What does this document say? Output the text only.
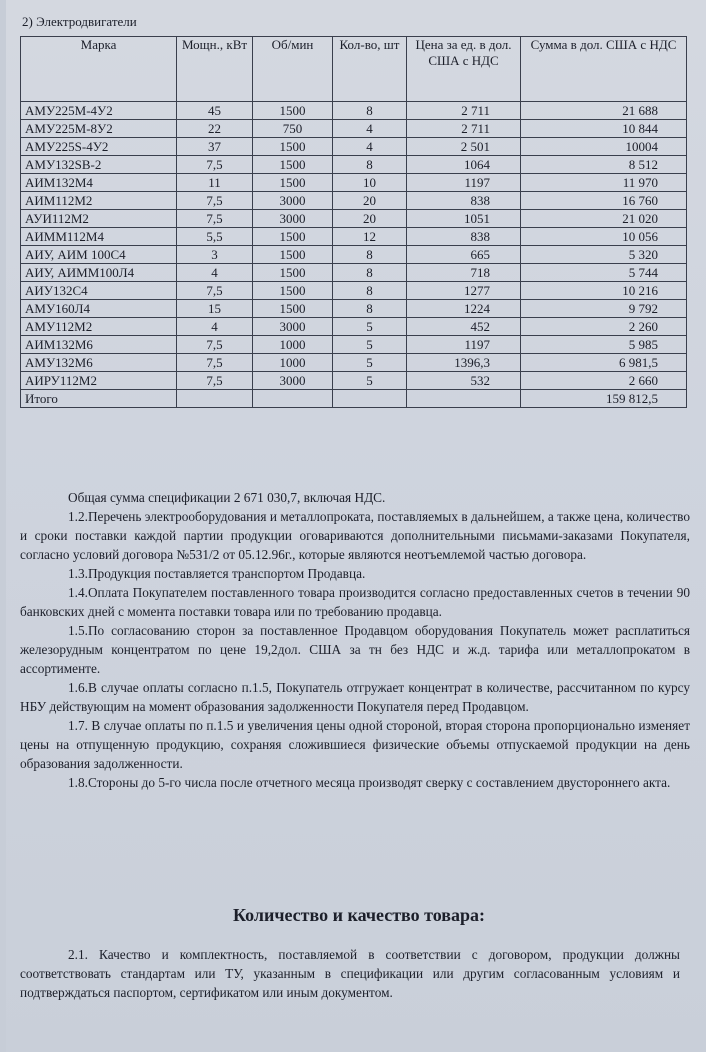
2) Электродвигатели
Марка	Мощн., кВт	Об/мин	Кол-во, шт	Цена за ед. в дол. США с НДС	Сумма в дол. США с НДС
АМУ225М-4У2	45	1500	8	2 711	21 688
АМУ225М-8У2	22	750	4	2 711	10 844
АМУ225S-4У2	37	1500	4	2 501	10004
АМУ132SB-2	7,5	1500	8	1064	8 512
АИМ132М4	11	1500	10	1197	11 970
АИМ112М2	7,5	3000	20	838	16 760
АУИ112М2	7,5	3000	20	1051	21 020
АИММ112М4	5,5	1500	12	838	10 056
АИУ, АИМ 100С4	3	1500	8	665	5 320
АИУ, АИММ100Л4	4	1500	8	718	5 744
АИУ132С4	7,5	1500	8	1277	10 216
АМУ160Л4	15	1500	8	1224	9 792
АМУ112М2	4	3000	5	452	2 260
АИМ132М6	7,5	1000	5	1197	5 985
АМУ132М6	7,5	1000	5	1396,3	6 981,5
АИРУ112М2	7,5	3000	5	532	2 660
Итого					159 812,5

Общая сумма спецификации 2 671 030,7, включая НДС.

1.2.Перечень электрооборудования и металлопроката, поставляемых в дальнейшем, а также цена, количество и сроки поставки каждой партии продукции оговариваются дополнительными письмами-заказами Покупателя, согласно условий договора №531/2 от 05.12.96г., которые являются неотъемлемой частью договора.

1.3.Продукция поставляется транспортом Продавца.

1.4.Оплата Покупателем поставленного товара производится согласно предоставленных счетов в течении 90 банковских дней с момента поставки товара или по требованию продавца.

1.5.По согласованию сторон за поставленное Продавцом оборудования Покупатель может расплатиться железорудным концентратом по цене 19,2дол. США за тн без НДС и ж.д. тарифа или металлопрокатом в ассортименте.

1.6.В случае оплаты согласно п.1.5, Покупатель отгружает концентрат в количестве, рассчитанном по курсу НБУ действующим на момент образования задолженности Покупателя перед Продавцом.

1.7. В случае оплаты по п.1.5 и увеличения цены одной стороной, вторая сторона пропорционально изменяет цены на отпущенную продукцию, сохраняя сложившиеся физические объемы отпускаемой продукции на день образования задолженности.

1.8.Стороны до 5-го числа после отчетного месяца производят сверку с составлением двустороннего акта.

Количество и качество товара:

2.1. Качество и комплектность, поставляемой в соответствии с договором, продукции должны соответствовать стандартам или ТУ, указанным в спецификации или другим согласованным условиям и подтверждаться паспортом, сертификатом или иным документом.
